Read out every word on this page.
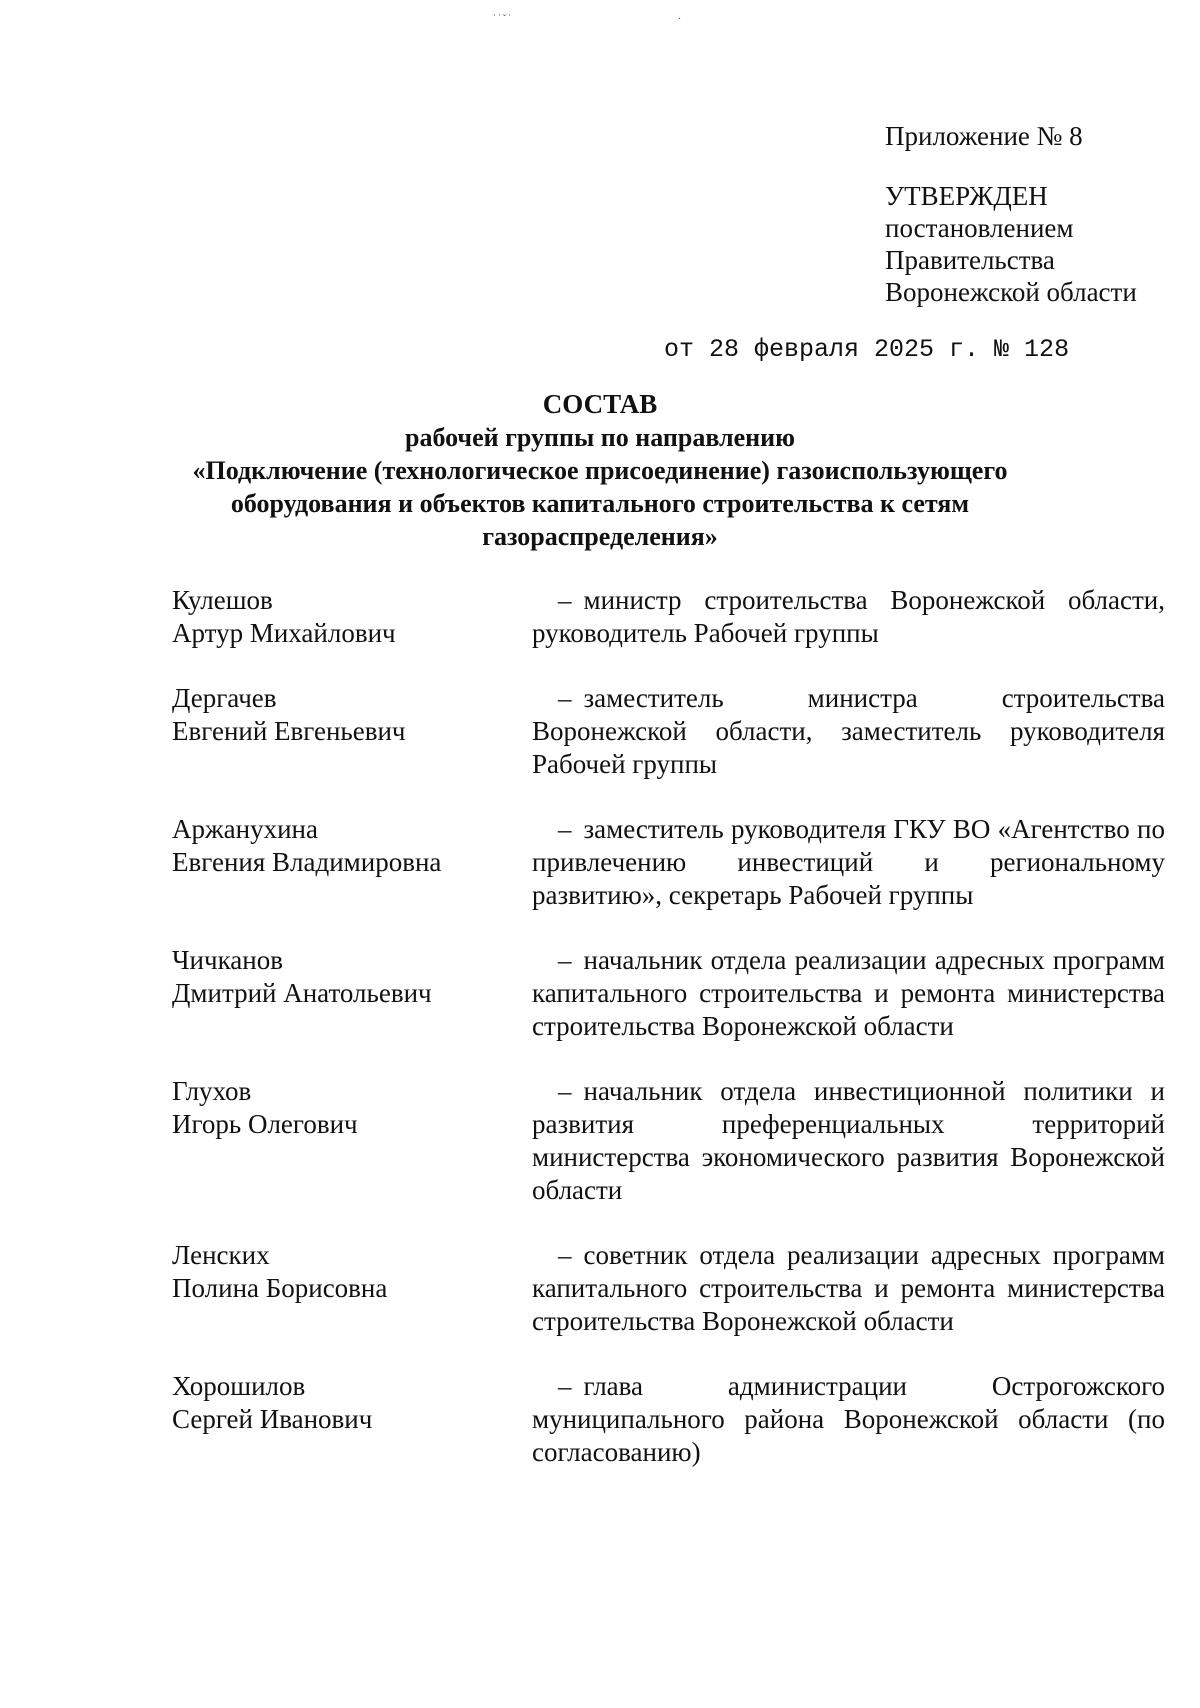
˙˙ˇ˙	·
Приложение № 8
УТВЕРЖДЕН
постановлением
Правительства
Воронежской области
от 28 февраля 2025 г. № 128
СОСТАВ
рабочей группы по направлению
«Подключение (технологическое присоединение) газоиспользующего
оборудования и объектов капитального строительства к сетям
газораспределения»
Кулешов
Артур Михайлович
– министр строительства Воронежской области, руководитель Рабочей группы
Дергачев
Евгений Евгеньевич
– заместитель министра строительства Воронежской области, заместитель руководителя Рабочей группы
Аржанухина
Евгения Владимировна
– заместитель руководителя ГКУ ВО «Агентство по привлечению инвестиций и региональному развитию», секретарь Рабочей группы
Чичканов
Дмитрий Анатольевич
– начальник отдела реализации адресных программ капитального строительства и ремонта министерства строительства Воронежской области
Глухов
Игорь Олегович
– начальник отдела инвестиционной политики и развития преференциальных территорий министерства экономического развития Воронежской области
Ленских
Полина Борисовна
– советник отдела реализации адресных программ капитального строительства и ремонта министерства строительства Воронежской области
Хорошилов
Сергей Иванович
– глава администрации Острогожского муниципального района Воронежской области (по согласованию)
